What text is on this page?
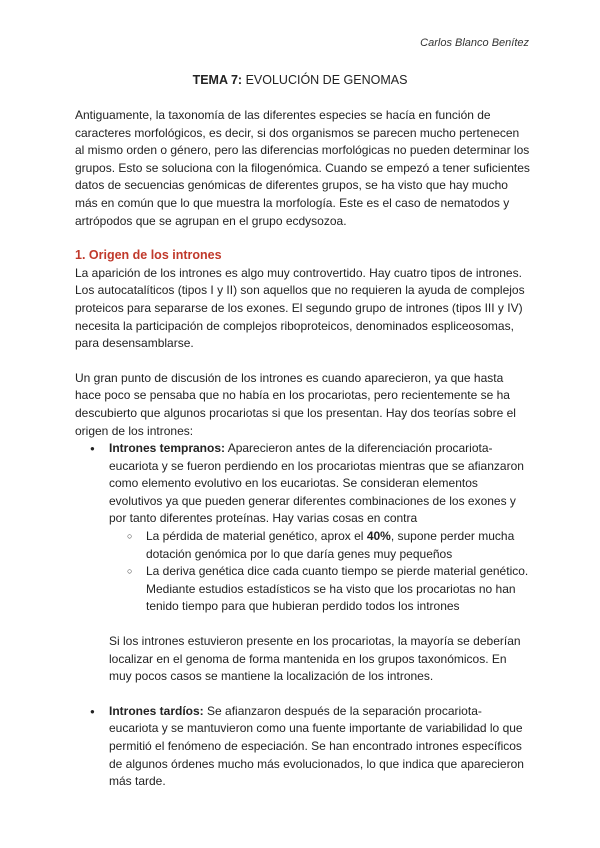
Carlos Blanco Benítez
TEMA 7: EVOLUCIÓN DE GENOMAS

Antiguamente, la taxonomía de las diferentes especies se hacía en función de caracteres morfológicos, es decir, si dos organismos se parecen mucho pertenecen al mismo orden o género, pero las diferencias morfológicas no pueden determinar los grupos. Esto se soluciona con la filogenómica. Cuando se empezó a tener suficientes datos de secuencias genómicas de diferentes grupos, se ha visto que hay mucho más en común que lo que muestra la morfología. Este es el caso de nematodos y artrópodos que se agrupan en el grupo ecdysozoa.

1. Origen de los intrones

La aparición de los intrones es algo muy controvertido. Hay cuatro tipos de intrones. Los autocatalíticos (tipos I y II) son aquellos que no requieren la ayuda de complejos proteicos para separarse de los exones. El segundo grupo de intrones (tipos III y IV) necesita la participación de complejos riboproteicos, denominados espliceosomas, para desensamblarse.

Un gran punto de discusión de los intrones es cuando aparecieron, ya que hasta hace poco se pensaba que no había en los procariotas, pero recientemente se ha descubierto que algunos procariotas si que los presentan. Hay dos teorías sobre el origen de los intrones:

● Intrones tempranos: Aparecieron antes de la diferenciación procariota-eucariota y se fueron perdiendo en los procariotas mientras que se afianzaron como elemento evolutivo en los eucariotas. Se consideran elementos evolutivos ya que pueden generar diferentes combinaciones de los exones y por tanto diferentes proteínas. Hay varias cosas en contra
○ La pérdida de material genético, aprox el 40%, supone perder mucha dotación genómica por lo que daría genes muy pequeños
○ La deriva genética dice cada cuanto tiempo se pierde material genético. Mediante estudios estadísticos se ha visto que los procariotas no han tenido tiempo para que hubieran perdido todos los intrones

Si los intrones estuvieron presente en los procariotas, la mayoría se deberían localizar en el genoma de forma mantenida en los grupos taxonómicos. En muy pocos casos se mantiene la localización de los intrones.

● Intrones tardíos: Se afianzaron después de la separación procariota-eucariota y se mantuvieron como una fuente importante de variabilidad lo que permitió el fenómeno de especiación. Se han encontrado intrones específicos de algunos órdenes mucho más evolucionados, lo que indica que aparecieron más tarde.
